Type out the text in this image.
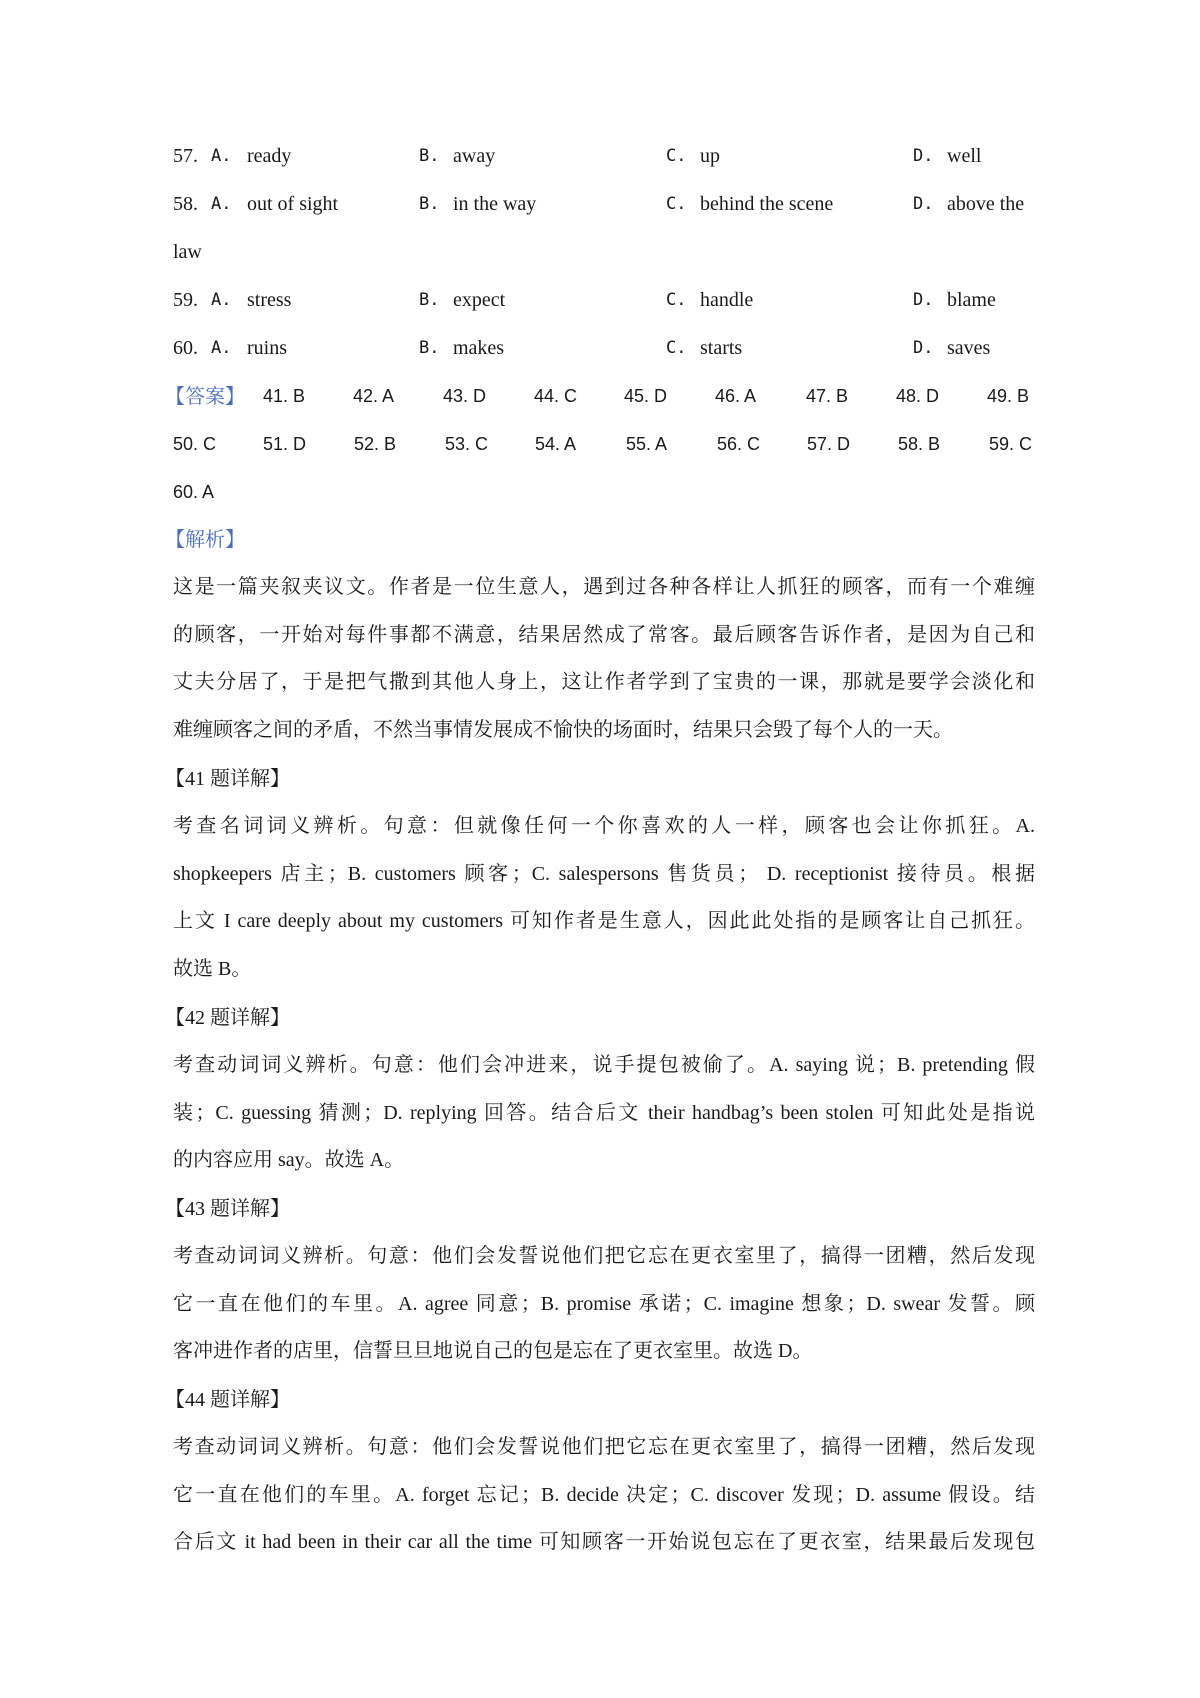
57. A. ready	B. away	C. up	D. well
58. A. out of sight	B. in the way	C. behind the scene	D. above the
law
59. A. stress	B. expect	C. handle	D. blame
60. A. ruins	B. makes	C. starts	D. saves
【答案】 41. B	42. A	43. D	44. C	45. D	46. A	47. B	48. D	49. B
50. C	51. D	52. B	53. C	54. A	55. A	56. C	57. D	58. B	59. C
60. A
【解析】
这是一篇夹叙夹议文。作者是一位生意人，遇到过各种各样让人抓狂的顾客，而有一个难缠
的顾客，一开始对每件事都不满意，结果居然成了常客。最后顾客告诉作者，是因为自己和
丈夫分居了，于是把气撒到其他人身上，这让作者学到了宝贵的一课，那就是要学会淡化和
难缠顾客之间的矛盾，不然当事情发展成不愉快的场面时，结果只会毁了每个人的一天。
【41 题详解】
考查名词词义辨析。句意：但就像任何一个你喜欢的人一样，顾客也会让你抓狂。A.
shopkeepers 店主；B. customers 顾客；C. salespersons 售货员； D. receptionist 接待员。根据
上文 I care deeply about my customers 可知作者是生意人，因此此处指的是顾客让自己抓狂。
故选 B。
【42 题详解】
考查动词词义辨析。句意：他们会冲进来，说手提包被偷了。A. saying 说；B. pretending 假
装；C. guessing 猜测；D. replying 回答。结合后文 their handbag’s been stolen 可知此处是指说
的内容应用 say。故选 A。
【43 题详解】
考查动词词义辨析。句意：他们会发誓说他们把它忘在更衣室里了，搞得一团糟，然后发现
它一直在他们的车里。A. agree 同意；B. promise 承诺；C. imagine 想象；D. swear 发誓。顾
客冲进作者的店里，信誓旦旦地说自己的包是忘在了更衣室里。故选 D。
【44 题详解】
考查动词词义辨析。句意：他们会发誓说他们把它忘在更衣室里了，搞得一团糟，然后发现
它一直在他们的车里。A. forget 忘记；B. decide 决定；C. discover 发现；D. assume 假设。结
合后文 it had been in their car all the time 可知顾客一开始说包忘在了更衣室，结果最后发现包
